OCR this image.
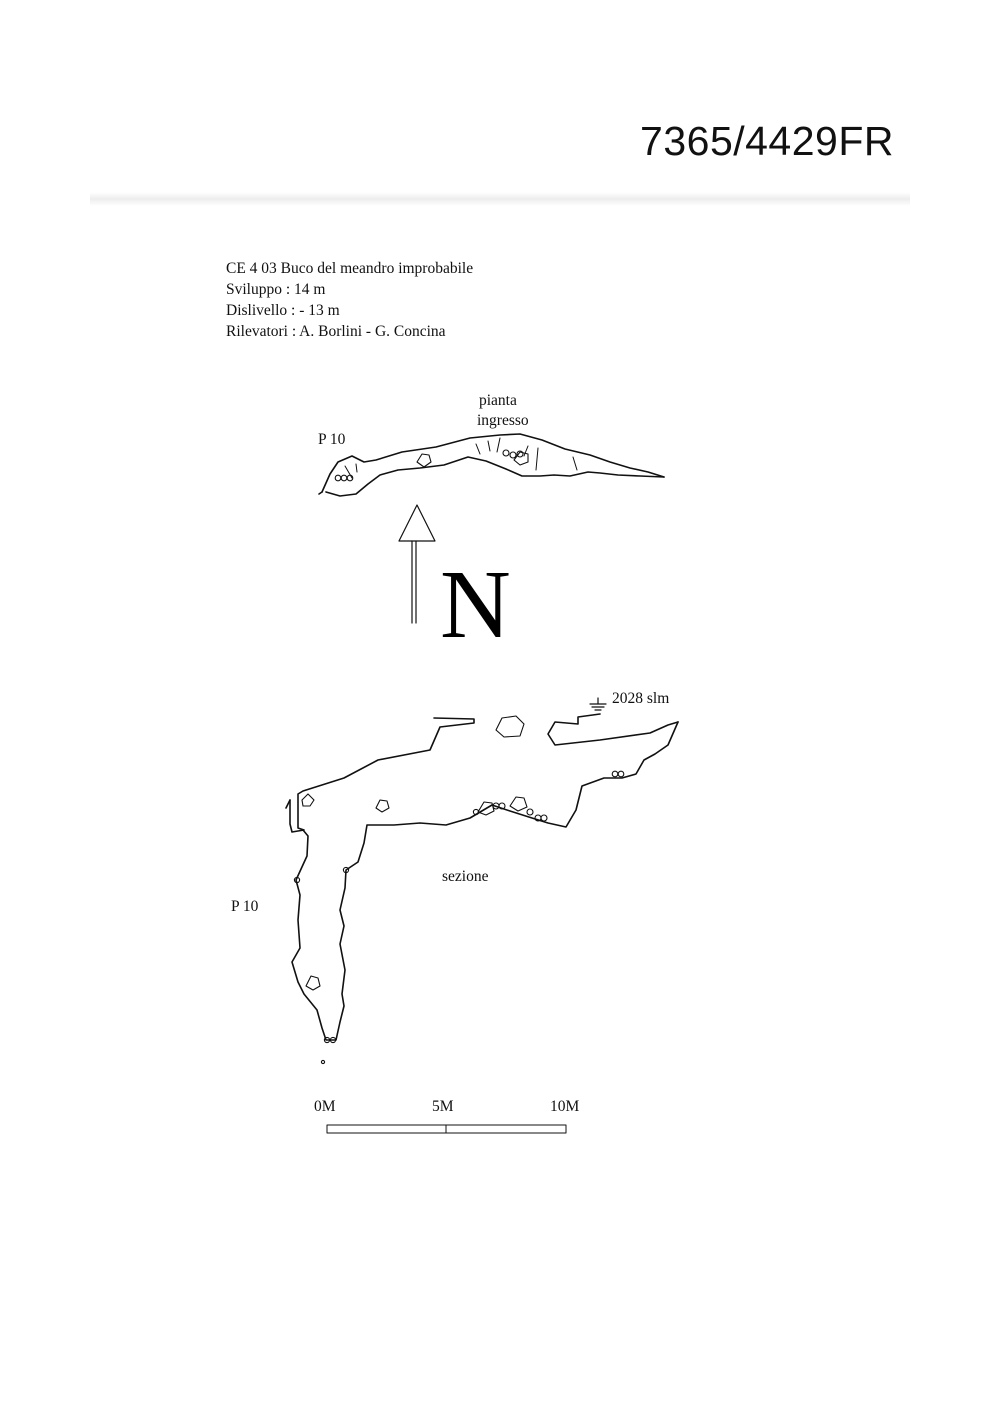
7365/4429FR
CE 4 03 Buco del meandro improbabile
Sviluppo : 14 m
Dislivello : - 13 m
Rilevatori : A. Borlini - G. Concina
P 10
pianta
ingresso
N
2028 slm
sezione
P 10
0M	5M	10M
